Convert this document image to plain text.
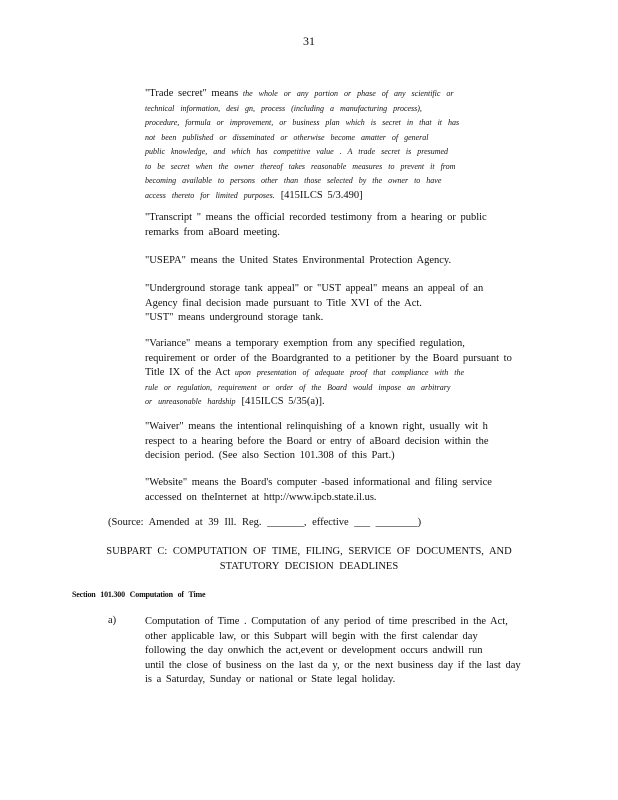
31
"Trade secret" means the whole or any portion or phase of any scientific or
technical information, desi gn, process (including a manufacturing process),
procedure, formula or improvement, or business plan which is secret in that it has
not been published or disseminated or otherwise become amatter of general
public knowledge, and which has competitive value . A trade secret is presumed
to be secret when the owner thereof takes reasonable measures to prevent it from
becoming available to persons other than those selected by the owner to have
access thereto for limited purposes. [415ILCS 5/3.490]
"Transcript " means the official recorded testimony from a hearing or public
remarks from aBoard meeting.
"USEPA" means the United States Environmental Protection Agency.
"Underground storage tank appeal" or "UST appeal" means an appeal of an
Agency final decision made pursuant to Title XVI of the Act.
"UST" means underground storage tank.
"Variance" means a temporary exemption from any specified regulation,
requirement or order of the Boardgranted to a petitioner by the Board pursuant to
Title IX of the Act upon presentation of adequate proof that compliance with the
rule or regulation, requirement or order of the Board would impose an arbitrary
or unreasonable hardship [415ILCS 5/35(a)].
"Waiver" means the intentional relinquishing of a known right, usually wit h
respect to a hearing before the Board or entry of aBoard decision within the
decision period. (See also Section 101.308 of this Part.)
"Website" means the Board's computer -based informational and filing service
accessed on theInternet at http://www.ipcb.state.il.us.
(Source: Amended at 39 Ill. Reg. _______, effective ___ ________)
SUBPART C: COMPUTATION OF TIME, FILING, SERVICE OF DOCUMENTS, AND
STATUTORY DECISION DEADLINES
Section 101.300 Computation of Time
a)	Computation of Time . Computation of any period of time prescribed in the Act,
other applicable law, or this Subpart will begin with the first calendar day
following the day onwhich the act,event or development occurs andwill run
until the close of business on the last da y, or the next business day if the last day
is a Saturday, Sunday or national or State legal holiday.
